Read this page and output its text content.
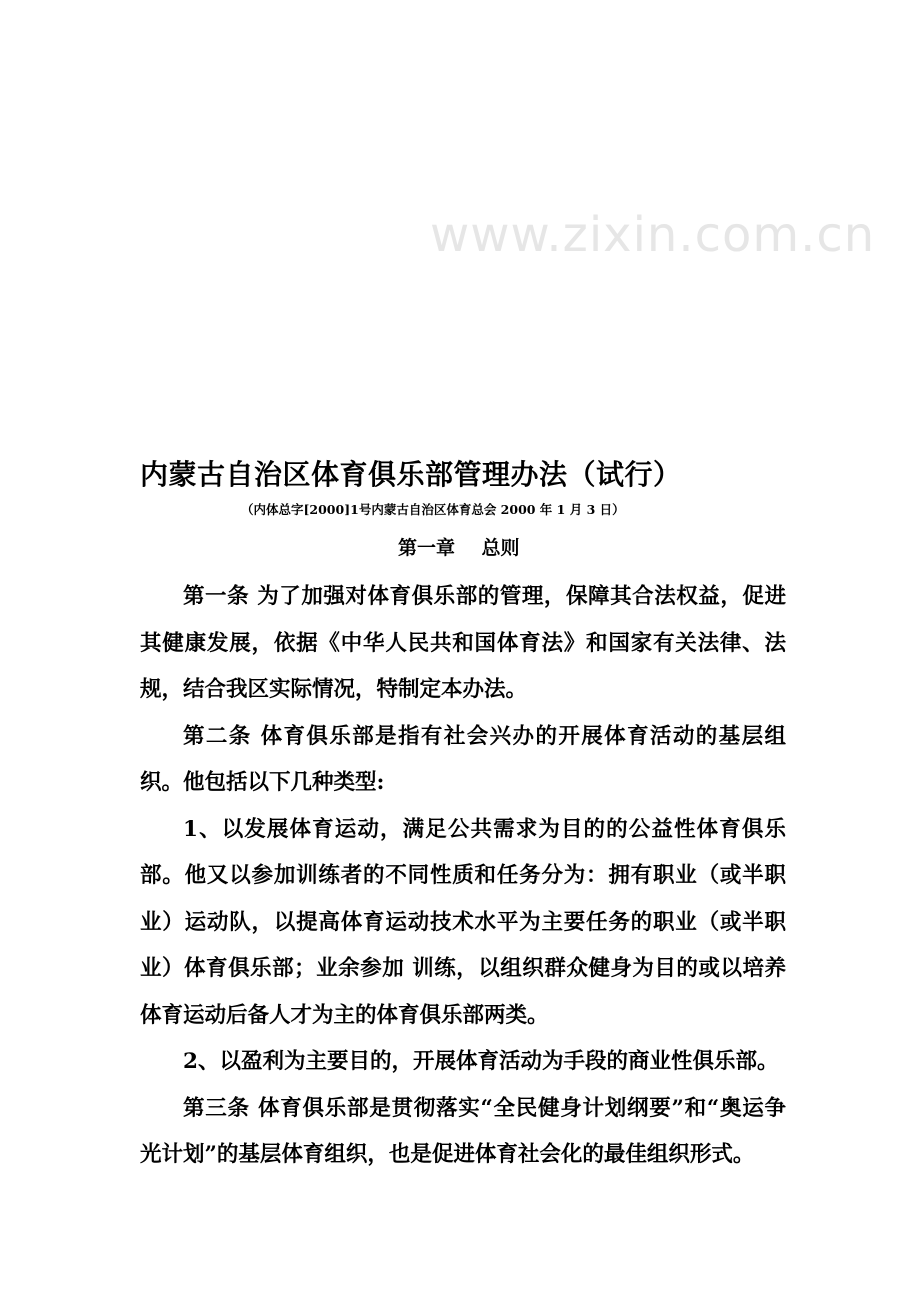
www.zixin.com.cn
内蒙古自治区体育俱乐部管理办法（试行）
（内体总字[2000]1号内蒙古自治区体育总会 2000 年 1 月 3 日）
第一章    总则

第一条 为了加强对体育俱乐部的管理，保障其合法权益，促进其健康发展，依据《中华人民共和国体育法》和国家有关法律、法规，结合我区实际情况，特制定本办法。

第二条 体育俱乐部是指有社会兴办的开展体育活动的基层组织。他包括以下几种类型:

1、以发展体育运动，满足公共需求为目的的公益性体育俱乐部。他又以参加训练者的不同性质和任务分为：拥有职业（或半职业）运动队，以提高体育运动技术水平为主要任务的职业（或半职业）体育俱乐部；业余参加 训练，以组织群众健身为目的或以培养体育运动后备人才为主的体育俱乐部两类。

2、以盈利为主要目的，开展体育活动为手段的商业性俱乐部。

第三条 体育俱乐部是贯彻落实“全民健身计划纲要”和“奥运争光计划”的基层体育组织，也是促进体育社会化的最佳组织形式。
